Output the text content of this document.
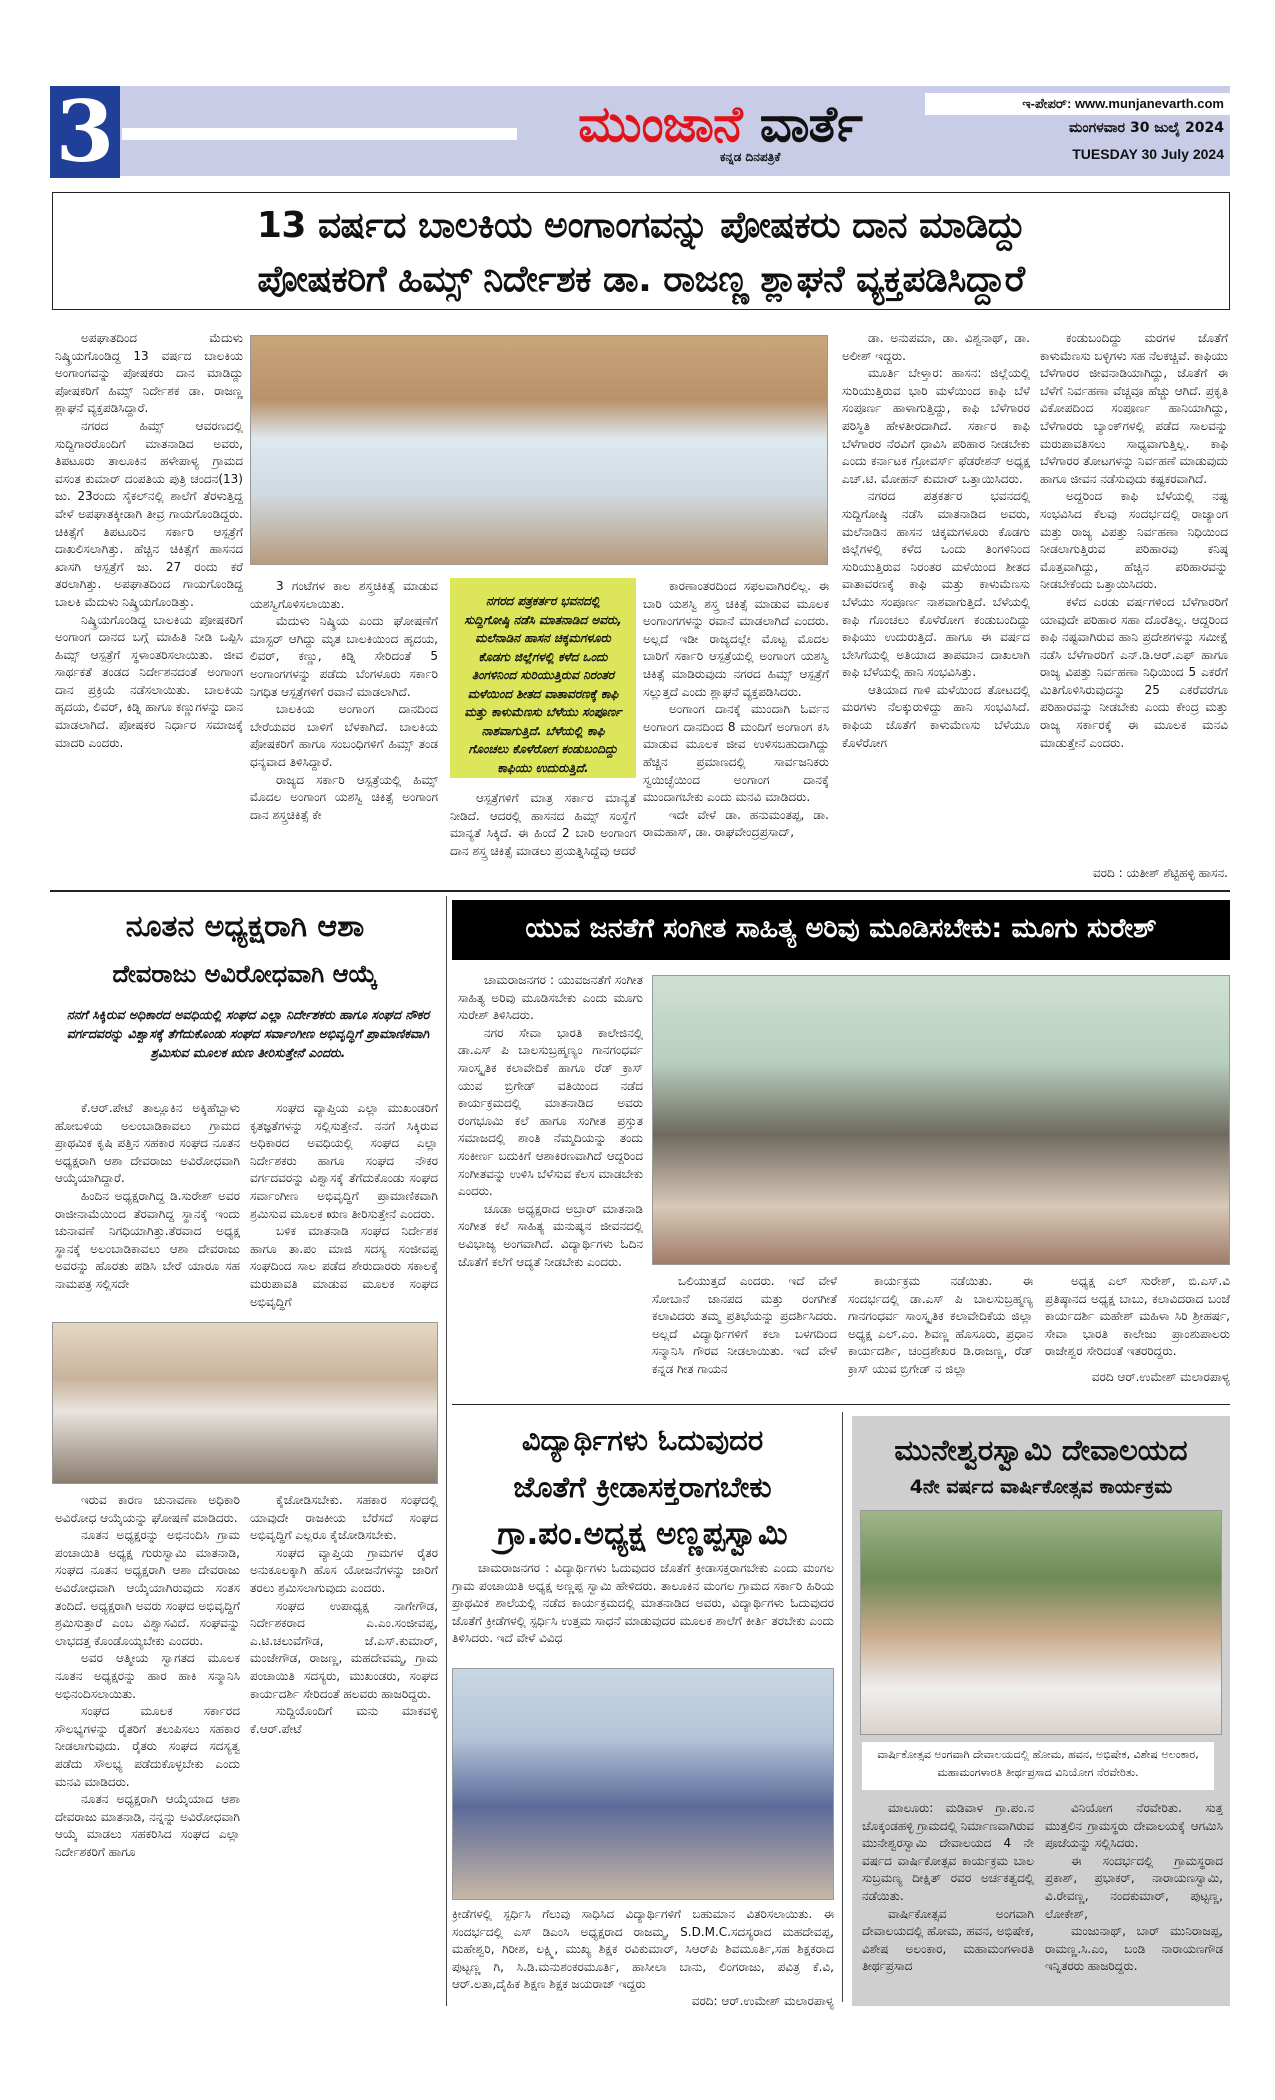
3	ಮುಂಜಾನೆ ವಾರ್ತೆ
ಕನ್ನಡ ದಿನಪತ್ರಿಕೆ
ಇ-ಪೇಪರ್: www.munjanevarth.com
ಮಂಗಳವಾರ 30 ಜುಲೈ 2024
TUESDAY 30 July 2024
13 ವರ್ಷದ ಬಾಲಕಿಯ ಅಂಗಾಂಗವನ್ನು ಪೋಷಕರು ದಾನ ಮಾಡಿದ್ದು
ಪೋಷಕರಿಗೆ ಹಿಮ್ಸ್ ನಿರ್ದೇಶಕ ಡಾ. ರಾಜಣ್ಣ ಶ್ಲಾಘನೆ ವ್ಯಕ್ತಪಡಿಸಿದ್ದಾರೆ

ಅಪಘಾತದಿಂದ ಮೆದುಳು ನಿಷ್ಕ್ರಿಯಗೊಂಡಿದ್ದ 13 ವರ್ಷದ ಬಾಲಕಿಯ ಅಂಗಾಂಗವನ್ನು ಪೋಷಕರು ದಾನ ಮಾಡಿದ್ದು ಪೋಷಕರಿಗೆ ಹಿಮ್ಸ್ ನಿರ್ದೇಶಕ ಡಾ. ರಾಜಣ್ಣ ಶ್ಲಾಘನೆ ವ್ಯಕ್ತಪಡಿಸಿದ್ದಾರೆ.

ನಗರದ ಹಿಮ್ಸ್ ಆವರಣದಲ್ಲಿ ಸುದ್ದಿಗಾರರೊಂದಿಗೆ ಮಾತನಾಡಿದ ಅವರು, ತಿಪಟೂರು ತಾಲೂಕಿನ ಹಳೇಪಾಳ್ಯ ಗ್ರಾಮದ ವಸಂತ ಕುಮಾರ್ ದಂಪತಿಯ ಪುತ್ರಿ ಚಂದನ(13) ಜು. 23ರಂದು ಸೈಕಲ್‌ನಲ್ಲಿ ಶಾಲೆಗೆ ತೆರಳುತ್ತಿದ್ದ ವೇಳೆ ಅಪಘಾತಕ್ಕೀಡಾಗಿ ತೀವ್ರ ಗಾಯಗೊಂಡಿದ್ದರು. ಚಿಕಿತ್ಸೆಗೆ ತಿಪಟೂರಿನ ಸರ್ಕಾರಿ ಆಸ್ಪತ್ರೆಗೆ ದಾಖಲಿಸಲಾಗಿತ್ತು. ಹೆಚ್ಚಿನ ಚಿಕಿತ್ಸೆಗೆ ಹಾಸನದ ಖಾಸಗಿ ಆಸ್ಪತ್ರೆಗೆ ಜು. 27 ರಂದು ಕರೆ ತರಲಾಗಿತ್ತು. ಅಪಘಾತದಿಂದ ಗಾಯಗೊಂಡಿದ್ದ ಬಾಲಕಿ ಮೆದುಳು ನಿಷ್ಕ್ರಿಯಗೊಂಡಿತ್ತು.

ನಿಷ್ಕ್ರಿಯಗೊಂಡಿದ್ದ ಬಾಲಕಿಯ ಪೋಷಕರಿಗೆ ಅಂಗಾಂಗ ದಾನದ ಬಗ್ಗೆ ಮಾಹಿತಿ ನೀಡಿ ಒಪ್ಪಿಸಿ ಹಿಮ್ಸ್ ಆಸ್ಪತ್ರೆಗೆ ಸ್ಥಳಾಂತರಿಸಲಾಯಿತು. ಜೀವ ಸಾರ್ಥಕತೆ ತಂಡದ ನಿರ್ದೇಶನದಂತೆ ಅಂಗಾಂಗ ದಾನ ಪ್ರಕ್ರಿಯೆ ನಡೆಸಲಾಯಿತು. ಬಾಲಕಿಯ ಹೃದಯ, ಲಿವರ್, ಕಿಡ್ನಿ ಹಾಗೂ ಕಣ್ಣುಗಳನ್ನು ದಾನ ಮಾಡಲಾಗಿದೆ. ಪೋಷಕರ ನಿರ್ಧಾರ ಸಮಾಜಕ್ಕೆ ಮಾದರಿ ಎಂದರು.

3 ಗಂಟೆಗಳ ಕಾಲ ಶಸ್ತ್ರಚಿಕಿತ್ಸೆ ಮಾಡುವ ಯಶಸ್ವಿಗೊಳಿಸಲಾಯಿತು.

ಮೆದುಳು ನಿಷ್ಕ್ರಿಯ ಎಂದು ಘೋಷಣೆಗೆ ಮಾಸ್ಟರ್ ಆಗಿದ್ದು ಮೃತ ಬಾಲಕಿಯಿಂದ ಹೃದಯ, ಲಿವರ್, ಕಣ್ಣು, ಕಿಡ್ನಿ ಸೇರಿದಂತೆ 5 ಅಂಗಾಂಗಗಳನ್ನು ಪಡೆದು ಬೆಂಗಳೂರು ಸರ್ಕಾರಿ ನಿಗಧಿತ ಆಸ್ಪತ್ರೆಗಳಿಗೆ ರವಾನೆ ಮಾಡಲಾಗಿದೆ.

ಬಾಲಕಿಯ ಅಂಗಾಂಗ ದಾನದಿಂದ ಬೇರೆಯವರ ಬಾಳಿಗೆ ಬೆಳಕಾಗಿದೆ. ಬಾಲಕಿಯ ಪೋಷಕರಿಗೆ ಹಾಗೂ ಸಂಬಂಧಿಗಳಿಗೆ ಹಿಮ್ಸ್ ತಂಡ ಧನ್ಯವಾದ ತಿಳಿಸಿದ್ದಾರೆ.

ರಾಜ್ಯದ ಸರ್ಕಾರಿ ಆಸ್ಪತ್ರೆಯಲ್ಲಿ ಹಿಮ್ಸ್ ಮೊದಲ ಅಂಗಾಂಗ ಯಶಸ್ವಿ ಚಿಕಿತ್ಸೆ ಅಂಗಾಂಗ ದಾನ ಶಸ್ತ್ರಚಿಕಿತ್ಸೆ ಕೇ

ನಗರದ ಪತ್ರಕರ್ತರ ಭವನದಲ್ಲಿ ಸುದ್ದಿಗೋಷ್ಠಿ ನಡೆಸಿ ಮಾತನಾಡಿದ ಅವರು, ಮಲೆನಾಡಿನ ಹಾಸನ ಚಿಕ್ಕಮಗಳೂರು ಕೊಡಗು ಜಿಲ್ಲೆಗಳಲ್ಲಿ ಕಳೆದ ಒಂದು ತಿಂಗಳಿನಿಂದ ಸುರಿಯುತ್ತಿರುವ ನಿರಂತರ ಮಳೆಯಿಂದ ಶೀತದ ವಾತಾವರಣಕ್ಕೆ ಕಾಫಿ ಮತ್ತು ಕಾಳುಮೆಣಸು ಬೆಳೆಯು ಸಂಪೂರ್ಣ ನಾಶವಾಗುತ್ತಿದೆ. ಬೆಳೆಯಲ್ಲಿ ಕಾಫಿ ಗೊಂಚಲು ಕೊಳೆರೋಗ ಕಂಡುಬಂದಿದ್ದು ಕಾಫಿಯು ಉದುರುತ್ತಿದೆ.

ಆಸ್ಪತ್ರೆಗಳಿಗೆ ಮಾತ್ರ ಸರ್ಕಾರ ಮಾನ್ಯತೆ ನೀಡಿದೆ. ಆದರಲ್ಲಿ ಹಾಸನದ ಹಿಮ್ಸ್ ಸಂಸ್ಥೆಗೆ ಮಾನ್ಯತೆ ಸಿಕ್ಕಿದೆ. ಈ ಹಿಂದೆ 2 ಬಾರಿ ಅಂಗಾಂಗ ದಾನ ಶಸ್ತ್ರ ಚಿಕಿತ್ಸೆ ಮಾಡಲು ಪ್ರಯತ್ನಿಸಿದ್ದೆವು ಆದರೆ

ಕಾರಣಾಂತರದಿಂದ ಸಫಲವಾಗಿರಲಿಲ್ಲ. ಈ ಬಾರಿ ಯಶಸ್ವಿ ಶಸ್ತ್ರ ಚಿಕಿತ್ಸೆ ಮಾಡುವ ಮೂಲಕ ಅಂಗಾಂಗಗಳನ್ನು ರವಾನೆ ಮಾಡಲಾಗಿದೆ ಎಂದರು. ಅಲ್ಲದೆ ಇಡೀ ರಾಜ್ಯದಲ್ಲೇ ಮೊಟ್ಟ ಮೊದಲ ಬಾರಿಗೆ ಸರ್ಕಾರಿ ಆಸ್ಪತ್ರೆಯಲ್ಲಿ ಅಂಗಾಂಗ ಯಶಸ್ವಿ ಚಿಕಿತ್ಸೆ ಮಾಡಿರುವುದು ನಗರದ ಹಿಮ್ಸ್ ಆಸ್ಪತ್ರೆಗೆ ಸಲ್ಲುತ್ತದೆ ಎಂದು ಶ್ಲಾಘನೆ ವ್ಯಕ್ತಪಡಿಸಿದರು.

ಅಂಗಾಂಗ ದಾನಕ್ಕೆ ಮುಂದಾಗಿ ಓರ್ವನ ಅಂಗಾಂಗ ದಾನದಿಂದ 8 ಮಂದಿಗೆ ಅಂಗಾಂಗ ಕಸಿ ಮಾಡುವ ಮೂಲಕ ಜೀವ ಉಳಿಸಬಹುದಾಗಿದ್ದು ಹೆಚ್ಚಿನ ಪ್ರಮಾಣದಲ್ಲಿ ಸಾರ್ವಜನಿಕರು ಸ್ವಯಿಚ್ಛೆಯಿಂದ ಅಂಗಾಂಗ ದಾನಕ್ಕೆ ಮುಂದಾಗಬೇಕು ಎಂದು ಮನವಿ ಮಾಡಿದರು.

ಇದೇ ವೇಳೆ ಡಾ. ಹನುಮಂತಪ್ಪ, ಡಾ. ರಾಮಹಾಸ್, ಡಾ. ರಾಘವೇಂದ್ರಪ್ರಸಾದ್,

ಡಾ. ಅನುಪಮಾ, ಡಾ. ವಿಶ್ವನಾಥ್, ಡಾ. ಅಲೀಶ್ ಇದ್ದರು.

ಮೂರ್ತಿ ಬೇಳ್ತಾರ: ಹಾಸನ: ಜಿಲ್ಲೆಯಲ್ಲಿ ಸುರಿಯುತ್ತಿರುವ ಭಾರಿ ಮಳೆಯಿಂದ ಕಾಫಿ ಬೆಳೆ ಸಂಪೂರ್ಣ ಹಾಳಾಗುತ್ತಿದ್ದು, ಕಾಫಿ ಬೆಳೆಗಾರರ ಪರಿಸ್ಥಿತಿ ಹೇಳತೀರದಾಗಿದೆ. ಸರ್ಕಾರ ಕಾಫಿ ಬೆಳೆಗಾರರ ನೆರವಿಗೆ ಧಾವಿಸಿ ಪರಿಹಾರ ನೀಡಬೇಕು ಎಂದು ಕರ್ನಾಟಕ ಗ್ರೋವರ್ಸ್ ಫೆಡರೇಶನ್ ಅಧ್ಯಕ್ಷ ಎಚ್.ಟಿ. ಮೋಹನ್ ಕುಮಾರ್ ಒತ್ತಾಯಿಸಿದರು.

ನಗರದ ಪತ್ರಕರ್ತರ ಭವನದಲ್ಲಿ ಸುದ್ದಿಗೋಷ್ಠಿ ನಡೆಸಿ ಮಾತನಾಡಿದ ಅವರು, ಮಲೆನಾಡಿನ ಹಾಸನ ಚಿಕ್ಕಮಗಳೂರು ಕೊಡಗು ಜಿಲ್ಲೆಗಳಲ್ಲಿ ಕಳೆದ ಒಂದು ತಿಂಗಳಿನಿಂದ ಸುರಿಯುತ್ತಿರುವ ನಿರಂತರ ಮಳೆಯಿಂದ ಶೀತದ ವಾತಾವರಣಕ್ಕೆ ಕಾಫಿ ಮತ್ತು ಕಾಳುಮೆಣಸು ಬೆಳೆಯು ಸಂಪೂರ್ಣ ನಾಶವಾಗುತ್ತಿದೆ. ಬೆಳೆಯಲ್ಲಿ ಕಾಫಿ ಗೊಂಚಲು ಕೊಳೆರೋಗ ಕಂಡುಬಂದಿದ್ದು ಕಾಫಿಯು ಉದುರುತ್ತಿದೆ. ಹಾಗೂ ಈ ವರ್ಷದ ಬೇಸಿಗೆಯಲ್ಲಿ ಅತಿಯಾದ ತಾಪಮಾನ ದಾಖಲಾಗಿ ಕಾಫಿ ಬೆಳೆಯಲ್ಲಿ ಹಾನಿ ಸಂಭವಿಸಿತ್ತು.

ಆತಿಯಾದ ಗಾಳಿ ಮಳೆಯಿಂದ ತೋಟದಲ್ಲಿ ಮರಗಳು ನೆಲಕ್ಕುರುಳಿದ್ದು ಹಾನಿ ಸಂಭವಿಸಿದೆ. ಕಾಫಿಯ ಜೊತೆಗೆ ಕಾಳುಮೆಣಸು ಬೆಳೆಯೂ ಕೊಳೆರೋಗ

ಕಂಡುಬಂದಿದ್ದು ಮರಗಳ ಜೊತೆಗೆ ಕಾಳುಮೆಣಸು ಬಳ್ಳಿಗಳು ಸಹ ನೆಲಕಚ್ಚಿವೆ. ಕಾಫಿಯು ಬೆಳೆಗಾರರ ಜೀವನಾಡಿಯಾಗಿದ್ದು, ಜೊತೆಗೆ ಈ ಬೆಳೆಗೆ ನಿರ್ವಹಣಾ ವೆಚ್ಚವೂ ಹೆಚ್ಚು ಆಗಿದೆ. ಪ್ರಕೃತಿ ವಿಕೋಪದಿಂದ ಸಂಪೂರ್ಣ ಹಾನಿಯಾಗಿದ್ದು, ಬೆಳೆಗಾರರು ಬ್ಯಾಂಕ್‌ಗಳಲ್ಲಿ ಪಡೆದ ಸಾಲವನ್ನು ಮರುಪಾವತಿಸಲು ಸಾಧ್ಯವಾಗುತ್ತಿಲ್ಲ. ಕಾಫಿ ಬೆಳೆಗಾರರ ತೋಟಗಳನ್ನು ನಿರ್ವಹಣೆ ಮಾಡುವುದು ಹಾಗೂ ಜೀವನ ನಡೆಸುವುದು ಕಷ್ಟಕರವಾಗಿದೆ.

ಅದ್ದರಿಂದ ಕಾಫಿ ಬೆಳೆಯಲ್ಲಿ ನಷ್ಟ ಸಂಭವಿಸಿದ ಕೆಲವು ಸಂದರ್ಭದಲ್ಲಿ ರಾಜ್ಯಾಂಗ ಮತ್ತು ರಾಜ್ಯ ವಿಪತ್ತು ನಿರ್ವಹಣಾ ನಿಧಿಯಿಂದ ನೀಡಲಾಗುತ್ತಿರುವ ಪರಿಹಾರವು ಕನಿಷ್ಠ ಮೊತ್ತವಾಗಿದ್ದು, ಹೆಚ್ಚಿನ ಪರಿಹಾರವನ್ನು ನೀಡಬೇಕೆಂದು ಒತ್ತಾಯಿಸಿದರು.

ಕಳೆದ ಎರಡು ವರ್ಷಗಳಿಂದ ಬೆಳೆಗಾರರಿಗೆ ಯಾವುದೇ ಪರಿಹಾರ ಸಹಾ ದೊರೆತಿಲ್ಲ. ಆದ್ದರಿಂದ ಕಾಫಿ ನಷ್ಟವಾಗಿರುವ ಹಾನಿ ಪ್ರದೇಶಗಳನ್ನು ಸಮೀಕ್ಷೆ ನಡೆಸಿ ಬೆಳೆಗಾರರಿಗೆ ಎನ್.ಡಿ.ಆರ್.ಎಫ್ ಹಾಗೂ ರಾಜ್ಯ ವಿಪತ್ತು ನಿರ್ವಹಣಾ ನಿಧಿಯಿಂದ 5 ಎಕರೆಗೆ ಮಿತಿಗೊಳಿಸಿರುವುದನ್ನು 25 ಎಕರೆವರೆಗೂ ಪರಿಹಾರವನ್ನು ನೀಡಬೇಕು ಎಂದು ಕೇಂದ್ರ ಮತ್ತು ರಾಜ್ಯ ಸರ್ಕಾರಕ್ಕೆ ಈ ಮೂಲಕ ಮನವಿ ಮಾಡುತ್ತೇನೆ ಎಂದರು.

ವರದಿ : ಯತೀಶ್ ಶೆಟ್ಟಿಹಳ್ಳಿ ಹಾಸನ.
ನೂತನ ಅಧ್ಯಕ್ಷರಾಗಿ ಆಶಾ
ದೇವರಾಜು ಅವಿರೋಧವಾಗಿ ಆಯ್ಕೆ
ನನಗೆ ಸಿಕ್ಕಿರುವ ಅಧಿಕಾರದ ಅವಧಿಯಲ್ಲಿ ಸಂಘದ ಎಲ್ಲಾ ನಿರ್ದೇಶಕರು ಹಾಗೂ ಸಂಘದ ನೌಕರ ವರ್ಗದವರನ್ನು ವಿಶ್ವಾಸಕ್ಕೆ ತೆಗೆದುಕೊಂಡು ಸಂಘದ ಸರ್ವಾಂಗೀಣ ಅಭಿವೃದ್ಧಿಗೆ ಪ್ರಾಮಾಣಿಕವಾಗಿ ಶ್ರಮಿಸುವ ಮೂಲಕ ಋಣ ತೀರಿಸುತ್ತೇನೆ ಎಂದರು.

ಕೆ.ಆರ್.ಪೇಟೆ ತಾಲ್ಲೂಕಿನ ಅಕ್ಕಿಹೆಬ್ಬಾಳು ಹೋಬಳಿಯ ಅಲಂಬಾಡಿಕಾವಲು ಗ್ರಾಮದ ಪ್ರಾಥಮಿಕ ಕೃಷಿ ಪತ್ತಿನ ಸಹಕಾರ ಸಂಘದ ನೂತನ ಅಧ್ಯಕ್ಷರಾಗಿ ಆಶಾ ದೇವರಾಜು ಅವಿರೋಧವಾಗಿ ಆಯ್ಕೆಯಾಗಿದ್ದಾರೆ.

ಹಿಂದಿನ ಅಧ್ಯಕ್ಷರಾಗಿದ್ದ ಡಿ.ಸುರೇಶ್ ಅವರ ರಾಜೀನಾಮೆಯಿಂದ ತೆರವಾಗಿದ್ದ ಸ್ಥಾನಕ್ಕೆ ಇಂದು ಚುನಾವಣೆ ನಿಗಧಿಯಾಗಿತ್ತು.ತೆರವಾದ ಅಧ್ಯಕ್ಷ ಸ್ಥಾನಕ್ಕೆ ಅಲಂಬಾಡಿಕಾವಲು ಆಶಾ ದೇವರಾಜು ಅವರನ್ನು ಹೊರತು ಪಡಿಸಿ ಬೇರೆ ಯಾರೂ ಸಹ ನಾಮಪತ್ರ ಸಲ್ಲಿಸದೇ

ಸಂಘದ ವ್ಯಾಪ್ತಿಯ ಎಲ್ಲಾ ಮುಖಂಡರಿಗೆ ಕೃತಜ್ಞತೆಗಳನ್ನು ಸಲ್ಲಿಸುತ್ತೇನೆ. ನನಗೆ ಸಿಕ್ಕಿರುವ ಅಧಿಕಾರದ ಅವಧಿಯಲ್ಲಿ ಸಂಘದ ಎಲ್ಲಾ ನಿರ್ದೇಶಕರು ಹಾಗೂ ಸಂಘದ ನೌಕರ ವರ್ಗದವರನ್ನು ವಿಶ್ವಾಸಕ್ಕೆ ತೆಗೆದುಕೊಂಡು ಸಂಘದ ಸರ್ವಾಂಗೀಣ ಅಭಿವೃದ್ಧಿಗೆ ಪ್ರಾಮಾಣಿಕವಾಗಿ ಶ್ರಮಿಸುವ ಮೂಲಕ ಋಣ ತೀರಿಸುತ್ತೇನೆ ಎಂದರು.

ಬಳಿಕ ಮಾತನಾಡಿ ಸಂಘದ ನಿರ್ದೇಶಕ ಹಾಗೂ ತಾ.ಪಂ ಮಾಜಿ ಸದಸ್ಯ ಸಂಜೀವಪ್ಪ ಸಂಘದಿಂದ ಸಾಲ ಪಡೆದ ಶೇರುದಾರರು ಸಕಾಲಕ್ಕೆ ಮರುಪಾವತಿ ಮಾಡುವ ಮೂಲಕ ಸಂಘದ ಅಭಿವೃದ್ಧಿಗೆ

ಇರುವ ಕಾರಣ ಚುನಾವಣಾ ಅಧಿಕಾರಿ ಅವಿರೋಧ ಆಯ್ಕೆಯನ್ನು ಘೋಷಣೆ ಮಾಡಿದರು.

ನೂತನ ಅಧ್ಯಕ್ಷರನ್ನು ಅಭಿನಂದಿಸಿ ಗ್ರಾಮ ಪಂಚಾಯಿತಿ ಅಧ್ಯಕ್ಷ ಗುರುಸ್ವಾಮಿ ಮಾತನಾಡಿ, ಸಂಘದ ನೂತನ ಅಧ್ಯಕ್ಷರಾಗಿ ಆಶಾ ದೇವರಾಜು ಅವಿರೋಧವಾಗಿ ಆಯ್ಕೆಯಾಗಿರುವುದು ಸಂತಸ ತಂದಿದೆ. ಅಧ್ಯಕ್ಷರಾಗಿ ಅವರು ಸಂಘದ ಅಭಿವೃದ್ಧಿಗೆ ಶ್ರಮಿಸುತ್ತಾರೆ ಎಂಬ ವಿಶ್ವಾಸವಿದೆ. ಸಂಘವನ್ನು ಲಾಭದತ್ತ ಕೊಂಡೊಯ್ಯಬೇಕು ಎಂದರು.

ಅವರ ಆತ್ಮೀಯ ಸ್ವಾಗತದ ಮೂಲಕ ನೂತನ ಅಧ್ಯಕ್ಷರನ್ನು ಹಾರ ಹಾಕಿ ಸನ್ಮಾನಿಸಿ ಅಭಿನಂದಿಸಲಾಯಿತು.

ಸಂಘದ ಮೂಲಕ ಸರ್ಕಾರದ ಸೌಲಭ್ಯಗಳನ್ನು ರೈತರಿಗೆ ತಲುಪಿಸಲು ಸಹಕಾರ ನೀಡಲಾಗುವುದು. ರೈತರು ಸಂಘದ ಸದಸ್ಯತ್ವ ಪಡೆದು ಸೌಲಭ್ಯ ಪಡೆದುಕೊಳ್ಳಬೇಕು ಎಂದು ಮನವಿ ಮಾಡಿದರು.

ನೂತನ ಅಧ್ಯಕ್ಷರಾಗಿ ಆಯ್ಕೆಯಾದ ಆಶಾ ದೇವರಾಜು ಮಾತನಾಡಿ, ನನ್ನನ್ನು ಅವಿರೋಧವಾಗಿ ಆಯ್ಕೆ ಮಾಡಲು ಸಹಕರಿಸಿದ ಸಂಘದ ಎಲ್ಲಾ ನಿರ್ದೇಶಕರಿಗೆ ಹಾಗೂ

ಕೈಜೋಡಿಸಬೇಕು. ಸಹಕಾರ ಸಂಘದಲ್ಲಿ ಯಾವುದೇ ರಾಜಕೀಯ ಬೆರೆಸದೆ ಸಂಘದ ಅಭಿವೃದ್ಧಿಗೆ ಎಲ್ಲರೂ ಕೈಜೋಡಿಸಬೇಕು.

ಸಂಘದ ವ್ಯಾಪ್ತಿಯ ಗ್ರಾಮಗಳ ರೈತರ ಅನುಕೂಲಕ್ಕಾಗಿ ಹೊಸ ಯೋಜನೆಗಳನ್ನು ಜಾರಿಗೆ ತರಲು ಶ್ರಮಿಸಲಾಗುವುದು ಎಂದರು.

ಸಂಘದ ಉಪಾಧ್ಯಕ್ಷ ನಾಗೇಗೌಡ, ನಿರ್ದೇಶಕರಾದ ಎ.ಎಂ.ಸಂಜೀವಪ್ಪ, ಎ.ಟಿ.ಚಲುವೆಗೌಡ, ಜೆ.ಎಸ್.ಕುಮಾರ್, ಮಂಜೇಗೌಡ, ರಾಜಣ್ಣ, ಮಹದೇವಮ್ಮ, ಗ್ರಾಮ ಪಂಚಾಯಿತಿ ಸದಸ್ಯರು, ಮುಖಂಡರು, ಸಂಘದ ಕಾರ್ಯದರ್ಶಿ ಸೇರಿದಂತೆ ಹಲವರು ಹಾಜರಿದ್ದರು.

ಸುದ್ದಿಯೊಂದಿಗೆ ಮನು ಮಾಕವಳ್ಳಿ ಕೆ.ಆರ್.ಪೇಟೆ

ಯುವ ಜನತೆಗೆ ಸಂಗೀತ ಸಾಹಿತ್ಯ ಅರಿವು ಮೂಡಿಸಬೇಕು: ಮೂಗು ಸುರೇಶ್

ಚಾಮರಾಜನಗರ : ಯುವಜನತೆಗೆ ಸಂಗೀತ ಸಾಹಿತ್ಯ ಅರಿವು ಮೂಡಿಸಬೇಕು ಎಂದು ಮೂಗು ಸುರೇಶ್ ತಿಳಿಸಿದರು.

ನಗರ ಸೇವಾ ಭಾರತಿ ಕಾಲೇಜಿನಲ್ಲಿ ಡಾ.ಎಸ್ ಪಿ ಬಾಲಸುಬ್ರಹ್ಮಣ್ಯಂ ಗಾನಗಂಧರ್ವ ಸಾಂಸ್ಕೃತಿಕ ಕಲಾವೇದಿಕೆ ಹಾಗೂ ರೆಡ್ ಕ್ರಾಸ್ ಯುವ ಬ್ರಿಗೇಡ್ ವತಿಯಿಂದ ನಡೆದ ಕಾರ್ಯಕ್ರಮದಲ್ಲಿ ಮಾತನಾಡಿದ ಅವರು ರಂಗಭೂಮಿ ಕಲೆ ಹಾಗೂ ಸಂಗೀತ ಪ್ರಸ್ತುತ ಸಮಾಜದಲ್ಲಿ ಶಾಂತಿ ನೆಮ್ಮದಿಯನ್ನು ತಂದು ಸಂಕೀರ್ಣ ಬದುಕಿಗೆ ಆಶಾಕಿರಣವಾಗಿದೆ ಆದ್ದರಿಂದ ಸಂಗೀತವನ್ನು ಉಳಿಸಿ ಬೆಳೆಸುವ ಕೆಲಸ ಮಾಡಬೇಕು ಎಂದರು.

ಚೂಡಾ ಅಧ್ಯಕ್ಷರಾದ ಅಬ್ರಾರ್ ಮಾತನಾಡಿ ಸಂಗೀತ ಕಲೆ ಸಾಹಿತ್ಯ ಮನುಷ್ಯನ ಜೀವನದಲ್ಲಿ ಅವಿಭಾಜ್ಯ ಅಂಗವಾಗಿದೆ. ವಿದ್ಯಾರ್ಥಿಗಳು ಓದಿನ ಜೊತೆಗೆ ಕಲೆಗೆ ಆದ್ಯತೆ ನೀಡಬೇಕು ಎಂದರು.

ಒಲಿಯುತ್ತದೆ ಎಂದರು. ಇದೆ ವೇಳೆ ಸೋಬಾನೆ ಜಾನಪದ ಮತ್ತು ರಂಗಗೀತೆ ಕಲಾವಿದರು ತಮ್ಮ ಪ್ರತಿಭೆಯನ್ನು ಪ್ರದರ್ಶಿಸಿದರು. ಅಲ್ಲದೆ ವಿದ್ಯಾರ್ಥಿಗಳಿಗೆ ಕಲಾ ಬಳಗದಿಂದ ಸನ್ಮಾನಿಸಿ ಗೌರವ ನೀಡಲಾಯಿತು. ಇದೆ ವೇಳೆ ಕನ್ನಡ ಗೀತ ಗಾಯನ

ಕಾರ್ಯಕ್ರಮ ನಡೆಯಿತು. ಈ ಸಂದರ್ಭದಲ್ಲಿ ಡಾ.ಎಸ್ ಪಿ ಬಾಲಸುಬ್ರಹ್ಮಣ್ಯ ಗಾನಗಂಧರ್ವ ಸಾಂಸ್ಕೃತಿಕ ಕಲಾವೇದಿಕೆಯ ಜಿಲ್ಲಾ ಅಧ್ಯಕ್ಷ ಎಲ್.ಎಂ. ಶಿವಣ್ಣ ಹೊಸೂರು, ಪ್ರಧಾನ ಕಾರ್ಯದರ್ಶಿ, ಚಂದ್ರಶೇಖರ ಡಿ.ರಾಜಣ್ಣ, ರೆಡ್ ಕ್ರಾಸ್ ಯುವ ಬ್ರಿಗೇಡ್ ನ ಜಿಲ್ಲಾ

ಅಧ್ಯಕ್ಷ ಎಲ್ ಸುರೇಶ್, ಬಿ.ಎಸ್.ವಿ ಪ್ರತಿಷ್ಠಾನದ ಅಧ್ಯಕ್ಷ ಬಾಬು, ಕಲಾವಿದರಾದ ಬಂಜೆ ಕಾರ್ಯದರ್ಶಿ ಮಹೇಶ್ ಮಹಿಳಾ ಸಿರಿ ಶ್ರೀಹರ್ಷ, ಸೇವಾ ಭಾರತಿ ಕಾಲೇಜು ಪ್ರಾಂಶುಪಾಲರು ರಾಜೇಶ್ವರ ಸೇರಿದಂತೆ ಇತರರಿದ್ದರು.

ವರದಿ ಆರ್.ಉಮೇಶ್ ಮಲಾರಪಾಳ್ಯ
ವಿದ್ಯಾರ್ಥಿಗಳು ಓದುವುದರ
ಜೊತೆಗೆ ಕ್ರೀಡಾಸಕ್ತರಾಗಬೇಕು
ಗ್ರಾ.ಪಂ.ಅಧ್ಯಕ್ಷ ಅಣ್ಣಪ್ಪಸ್ವಾಮಿ

ಚಾಮರಾಜನಗರ : ವಿದ್ಯಾರ್ಥಿಗಳು ಓದುವುದರ ಜೊತೆಗೆ ಕ್ರೀಡಾಸಕ್ತರಾಗಬೇಕು ಎಂದು ಮಂಗಲ ಗ್ರಾಮ ಪಂಚಾಯಿತಿ ಅಧ್ಯಕ್ಷ ಅಣ್ಣಪ್ಪ ಸ್ವಾಮಿ ಹೇಳಿದರು. ತಾಲೂಕಿನ ಮಂಗಲ ಗ್ರಾಮದ ಸರ್ಕಾರಿ ಹಿರಿಯ ಪ್ರಾಥಮಿಕ ಶಾಲೆಯಲ್ಲಿ ನಡೆದ ಕಾರ್ಯಕ್ರಮದಲ್ಲಿ ಮಾತನಾಡಿದ ಅವರು, ವಿದ್ಯಾರ್ಥಿಗಳು ಓದುವುದರ ಜೊತೆಗೆ ಕ್ರೀಡೆಗಳಲ್ಲಿ ಸ್ಪರ್ಧಿಸಿ ಉತ್ತಮ ಸಾಧನೆ ಮಾಡುವುದರ ಮೂಲಕ ಶಾಲೆಗೆ ಕೀರ್ತಿ ತರಬೇಕು ಎಂದು ತಿಳಿಸಿದರು. ಇದೆ ವೇಳೆ ವಿವಿಧ

ಕ್ರೀಡೆಗಳಲ್ಲಿ ಸ್ಪರ್ಧಿಸಿ ಗೆಲುವು ಸಾಧಿಸಿದ ವಿದ್ಯಾರ್ಥಿಗಳಿಗೆ ಬಹುಮಾನ ವಿತರಿಸಲಾಯಿತು. ಈ ಸಂದರ್ಭದಲ್ಲಿ ಎಸ್ ಡಿಎಂಸಿ ಅಧ್ಯಕ್ಷರಾದ ರಾಜಮ್ಮ, S.D.M.C.ಸದಸ್ಯರಾದ ಮಹದೇವಪ್ಪ, ಮಹೇಶ್ವರಿ, ಗಿರೀಶ, ಲಕ್ಷ್ಮಿ, ಮುಖ್ಯ ಶಿಕ್ಷಕ ರವಿಕುಮಾರ್, ಸಿಆರ್‌ಪಿ ಶಿವಮೂರ್ತಿ,ಸಹ ಶಿಕ್ಷಕರಾದ ಪುಟ್ಟಣ್ಣ ಗಿ, ಸಿ.ಡಿ.ಮನುಶಂಕರಮೂರ್ತಿ, ಹಾಸೀಲಾ ಬಾನು, ಲಿಂಗರಾಜು, ಪವಿತ್ರ ಕೆ.ವಿ, ಆರ್.ಲತಾ,ದೈಹಿಕ ಶಿಕ್ಷಣ ಶಿಕ್ಷಕ ಜಯರಾಜ್ ಇದ್ದರು
ವರದಿ: ಆರ್.ಉಮೇಶ್ ಮಲಾರಪಾಳ್ಯ
ಮುನೇಶ್ವರಸ್ವಾಮಿ ದೇವಾಲಯದ
4ನೇ ವರ್ಷದ ವಾರ್ಷಿಕೋತ್ಸವ ಕಾರ್ಯಕ್ರಮ
ವಾರ್ಷಿಕೋತ್ಸವ ಅಂಗವಾಗಿ ದೇವಾಲಯದಲ್ಲಿ ಹೋಮ, ಹವನ, ಅಭಿಷೇಕ, ವಿಶೇಷ ಅಲಂಕಾರ, ಮಹಾಮಂಗಳಾರತಿ ತೀರ್ಥಪ್ರಸಾದ ವಿನಿಯೋಗ ನೆರವೇರಿತು.

ಮಾಲೂರು: ಮಡಿವಾಳ ಗ್ರಾ.ಪಂ.ನ ಚೊಕ್ಕಂಡಹಳ್ಳಿ ಗ್ರಾಮದಲ್ಲಿ ನಿರ್ಮಾಣವಾಗಿರುವ ಮುನೇಶ್ವರಸ್ವಾಮಿ ದೇವಾಲಯದ 4 ನೇ ವರ್ಷದ ವಾರ್ಷಿಕೋತ್ಸವ ಕಾರ್ಯಕ್ರಮ ಬಾಲ ಸುಬ್ರಮಣ್ಯ ದೀಕ್ಷಿತ್ ರವರ ಅರ್ಚಕತ್ವದಲ್ಲಿ ನಡೆಯಿತು.

ವಾರ್ಷಿಕೋತ್ಸವ ಅಂಗವಾಗಿ ದೇವಾಲಯದಲ್ಲಿ ಹೋಮ, ಹವನ, ಅಭಿಷೇಕ, ವಿಶೇಷ ಅಲಂಕಾರ, ಮಹಾಮಂಗಳಾರತಿ ತೀರ್ಥಪ್ರಸಾದ

ವಿನಿಯೋಗ ನೆರವೇರಿತು. ಸುತ್ತ ಮುತ್ತಲಿನ ಗ್ರಾಮಸ್ಥರು ದೇವಾಲಯಕ್ಕೆ ಆಗಮಿಸಿ ಪೂಜೆಯನ್ನು ಸಲ್ಲಿಸಿದರು.

ಈ ಸಂದರ್ಭದಲ್ಲಿ ಗ್ರಾಮಸ್ಥರಾದ ಪ್ರಕಾಶ್, ಪ್ರಭಾಕರ್, ನಾರಾಯಣಸ್ವಾಮಿ, ವಿ.ರೇವಣ್ಣ, ನಂದಕುಮಾರ್, ಪುಟ್ಟಣ್ಣ, ಲೋಕೇಶ್,

ಮಂಜುನಾಥ್, ಬಾರ್ ಮುನಿರಾಜಪ್ಪ, ರಾಮಣ್ಣ.ಸಿ.ಎಂ, ಬಂಡಿ ನಾರಾಯಣಗೌಡ ಇನ್ನಿತರರು ಹಾಜರಿದ್ದರು.
